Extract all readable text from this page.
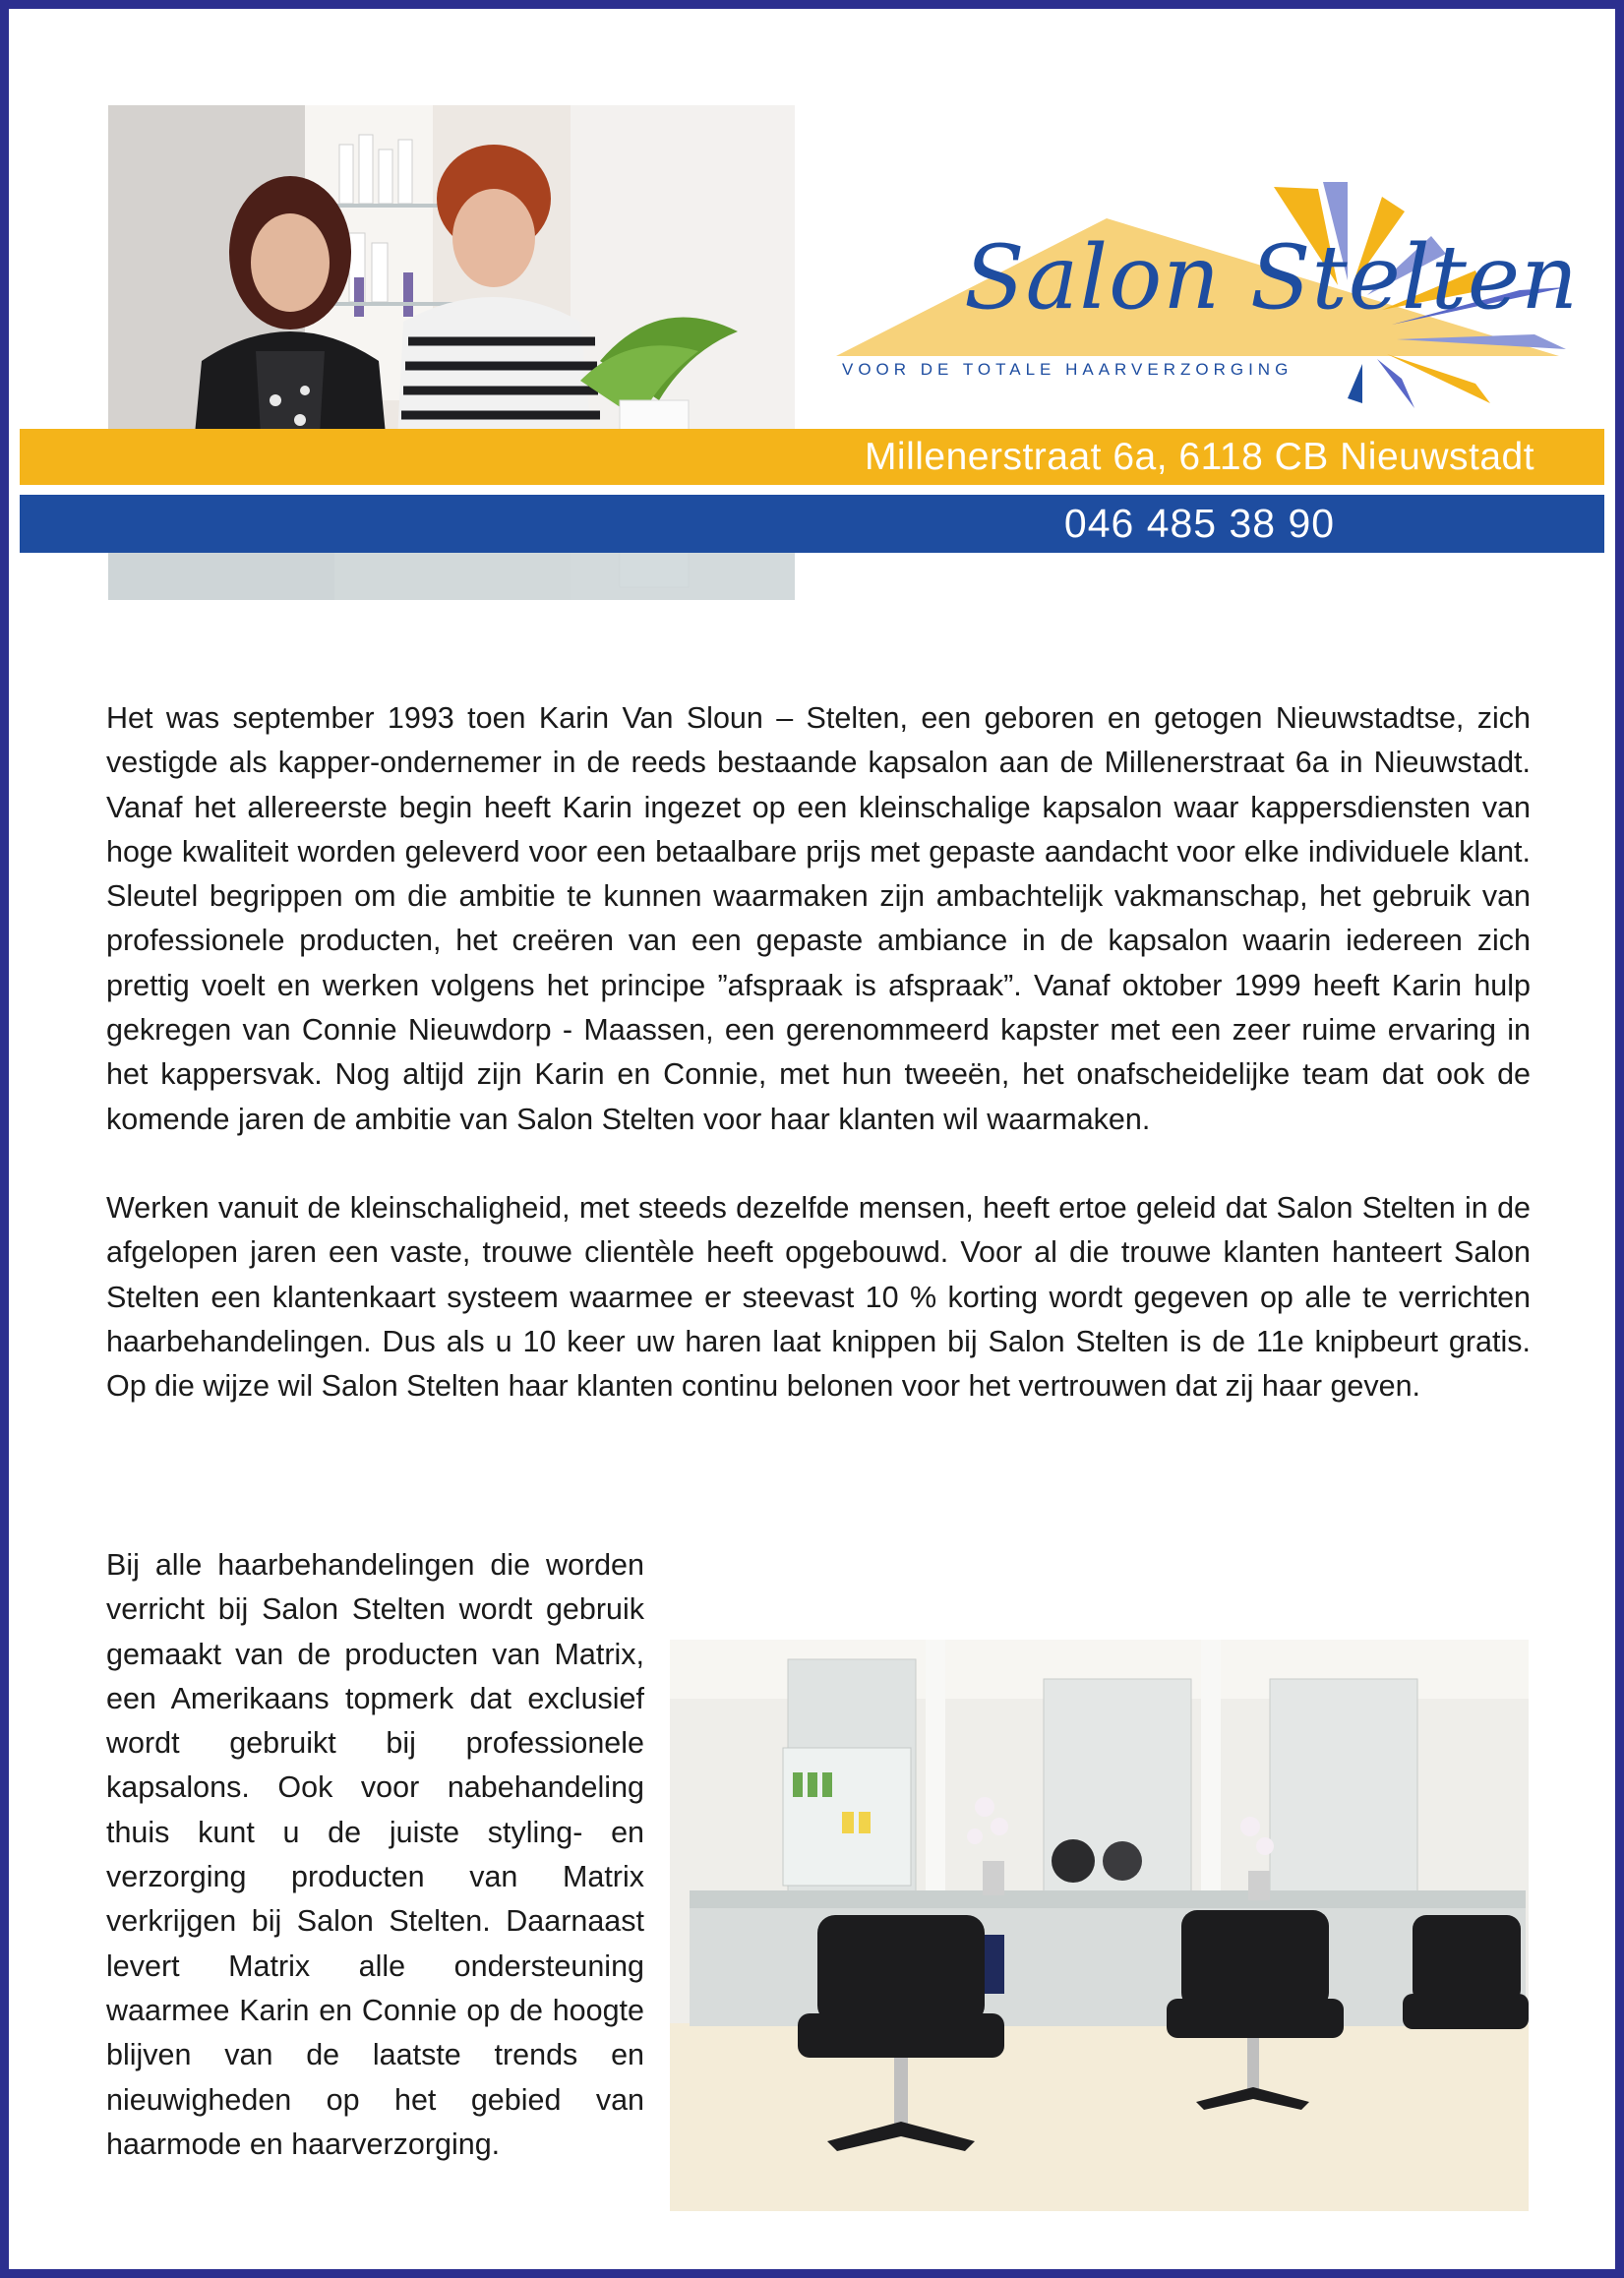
Millenerstraat 6a, 6118 CB Nieuwstadt
046 485 38 90
Salon Stelten
VOOR DE TOTALE HAARVERZORGING

Het was september 1993 toen Karin Van Sloun – Stelten, een geboren en getogen Nieuwstadtse, zich vestigde als kapper-ondernemer in de reeds bestaande kapsalon aan de Millenerstraat 6a in Nieuwstadt. Vanaf het allereerste begin heeft Karin ingezet op een kleinschalige kapsalon waar kappersdiensten van hoge kwaliteit worden geleverd voor een betaalbare prijs met gepaste aandacht voor elke individuele klant. Sleutel begrippen om die ambitie te kunnen waarmaken zijn ambachtelijk vakmanschap, het gebruik van professionele producten, het creëren van een gepaste ambiance in de kapsalon waarin iedereen zich prettig voelt en werken volgens het principe ”afspraak is afspraak”. Vanaf oktober 1999 heeft Karin hulp gekregen van Connie Nieuwdorp - Maassen, een gerenommeerd kapster met een zeer ruime ervaring in het kappersvak. Nog altijd zijn Karin en Connie, met hun tweeën, het onafscheidelijke team dat ook de komende jaren de ambitie van Salon Stelten voor haar klanten wil waarmaken.

Werken vanuit de kleinschaligheid, met steeds dezelfde mensen, heeft ertoe geleid dat Salon Stelten in de afgelopen jaren een vaste, trouwe clientèle heeft opgebouwd. Voor al die trouwe klanten hanteert Salon Stelten een klantenkaart systeem waarmee er steevast 10 % korting wordt gegeven op alle te verrichten haarbehandelingen. Dus als u 10 keer uw haren laat knippen bij Salon Stelten is de 11e knipbeurt gratis. Op die wijze wil Salon Stelten haar klanten continu belonen voor het vertrouwen dat zij haar geven.

Bij alle haarbehandelingen die worden verricht bij Salon Stelten wordt gebruik gemaakt van de producten van Matrix, een Amerikaans topmerk dat exclusief wordt gebruikt bij professionele kapsalons. Ook voor nabehandeling thuis kunt u de juiste styling- en verzorging producten van Matrix verkrijgen bij Salon Stelten. Daarnaast levert Matrix alle ondersteuning waarmee Karin en Connie op de hoogte blijven van de laatste trends en nieuwigheden op het gebied van haarmode en haarverzorging.
